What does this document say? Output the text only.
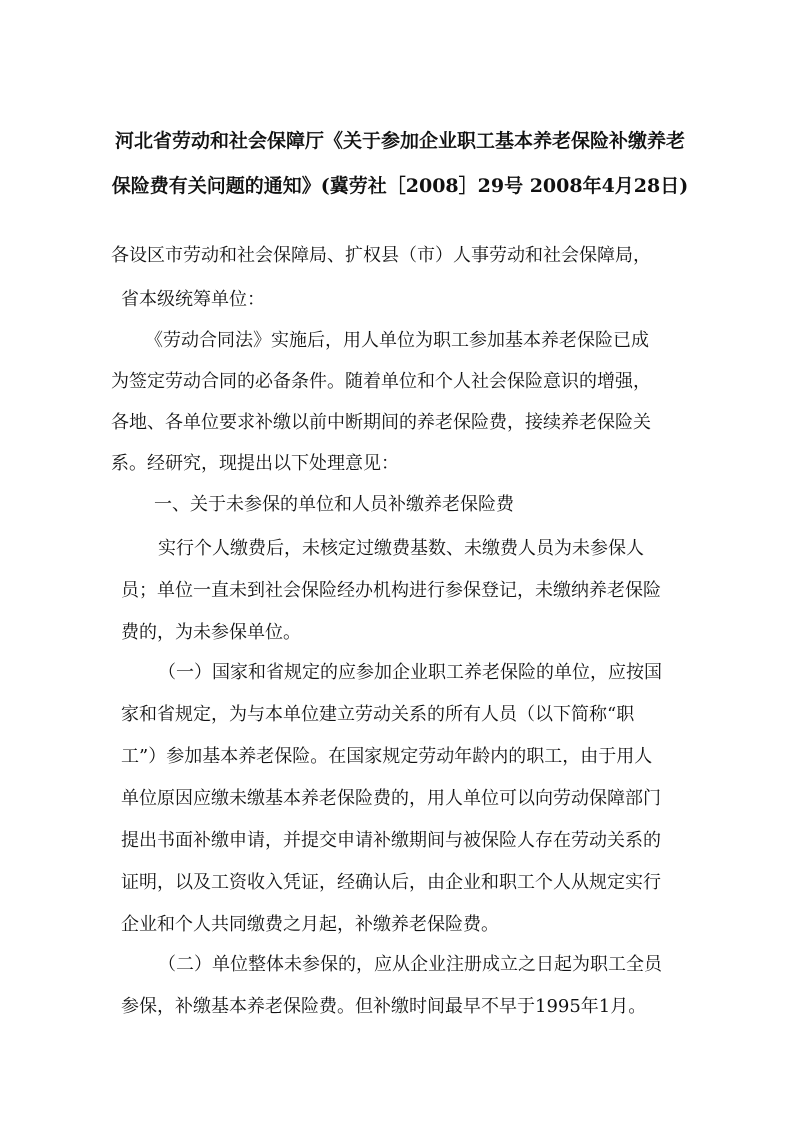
河北省劳动和社会保障厅《关于参加企业职工基本养老保险补缴养老
保险费有关问题的通知》(冀劳社［2008］29号 2008年4月28日)
各设区市劳动和社会保障局、扩权县（市）人事劳动和社会保障局，
省本级统筹单位：
《劳动合同法》实施后，用人单位为职工参加基本养老保险已成
为签定劳动合同的必备条件。随着单位和个人社会保险意识的增强，
各地、各单位要求补缴以前中断期间的养老保险费，接续养老保险关
系。经研究，现提出以下处理意见：
一、关于未参保的单位和人员补缴养老保险费
实行个人缴费后，未核定过缴费基数、未缴费人员为未参保人
员；单位一直未到社会保险经办机构进行参保登记，未缴纳养老保险
费的，为未参保单位。
（一）国家和省规定的应参加企业职工养老保险的单位，应按国
家和省规定，为与本单位建立劳动关系的所有人员（以下简称“职
工”）参加基本养老保险。在国家规定劳动年龄内的职工，由于用人
单位原因应缴未缴基本养老保险费的，用人单位可以向劳动保障部门
提出书面补缴申请，并提交申请补缴期间与被保险人存在劳动关系的
证明，以及工资收入凭证，经确认后，由企业和职工个人从规定实行
企业和个人共同缴费之月起，补缴养老保险费。
（二）单位整体未参保的，应从企业注册成立之日起为职工全员
参保，补缴基本养老保险费。但补缴时间最早不早于1995年1月。
